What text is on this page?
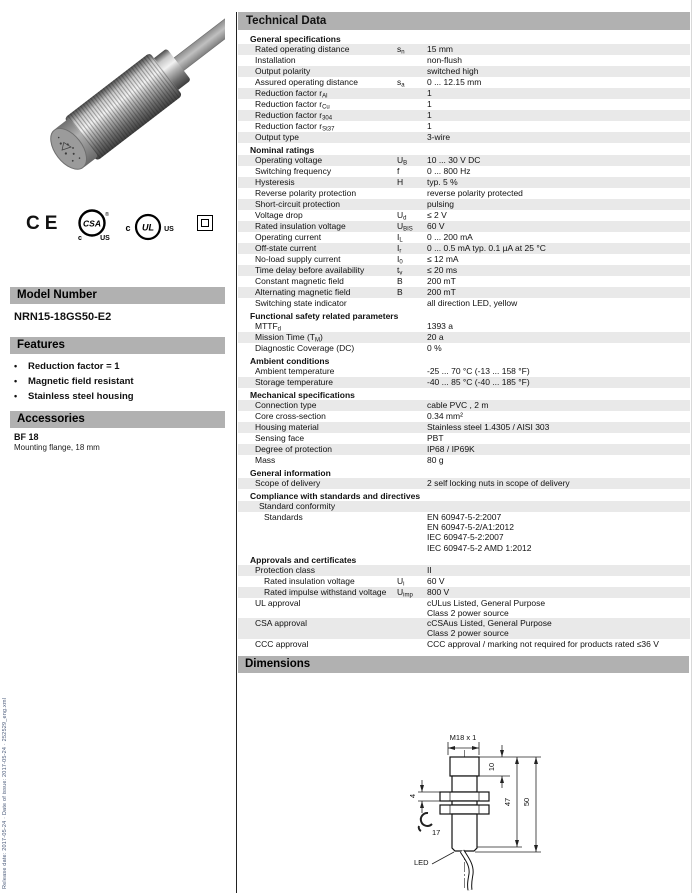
CE CSA
®
c	US
c UL US
Model Number
NRN15-18GS50-E2
Features
•	Reduction factor = 1
•	Magnetic field resistant
•	Stainless steel housing
Accessories
BF 18
Mounting flange, 18 mm
Release date: 2017-05-24 · Date of issue: 2017-05-24 · 252529_eng.xml
Technical Data
General specifications
Rated operating distance	$s_n$	15 mm
Installation	non-flush
Output polarity	switched high
Assured operating distance	$s_a$	0 ... 12.15 mm
Reduction factor $r_{Al}$	1
Reduction factor $r_{Cu}$	1
Reduction factor $r_{304}$	1
Reduction factor $r_{St37}$	1
Output type	3-wire
Nominal ratings
Operating voltage	$U_B$	10 ... 30 V DC
Switching frequency	f	0 ... 800 Hz
Hysteresis	H	typ. 5 %
Reverse polarity protection	reverse polarity protected
Short-circuit protection	pulsing
Voltage drop	$U_d$	≤ 2 V
Rated insulation voltage	$U_{BIS}$	60 V
Operating current	$I_L$	0 ... 200 mA
Off-state current	$I_r$	0 ... 0.5 mA typ. 0.1 µA at 25 °C
No-load supply current	$I_0$	≤ 12 mA
Time delay before availability	$t_v$	≤ 20 ms
Constant magnetic field	B	200 mT
Alternating magnetic field	B	200 mT
Switching state indicator	all direction LED, yellow
Functional safety related parameters
$MTTF_d$	1393 a
Mission Time $(T_M)$	20 a
Diagnostic Coverage (DC)	0 %
Ambient conditions
Ambient temperature	-25 ... 70 °C (-13 ... 158 °F)
Storage temperature	-40 ... 85 °C (-40 ... 185 °F)
Mechanical specifications
Connection type	cable PVC , 2 m
Core cross-section	0.34 mm²
Housing material	Stainless steel 1.4305 / AISI 303
Sensing face	PBT
Degree of protection	IP68 / IP69K
Mass	80 g
General information
Scope of delivery	2 self locking nuts in scope of delivery
Compliance with standards and directives
Standard conformity
Standards	EN 60947-5-2:2007
EN 60947-5-2/A1:2012
IEC 60947-5-2:2007
IEC 60947-5-2 AMD 1:2012
Approvals and certificates
Protection class	II
Rated insulation voltage	$U_i$	60 V
Rated impulse withstand voltage	$U_{imp}$	800 V
UL approval	cULus Listed, General Purpose
Class 2 power source
CSA approval	cCSAus Listed, General Purpose
Class 2 power source
CCC approval	CCC approval / marking not required for products rated ≤36 V
Dimensions
M18 x 1
10
4
17
47 50
LED
